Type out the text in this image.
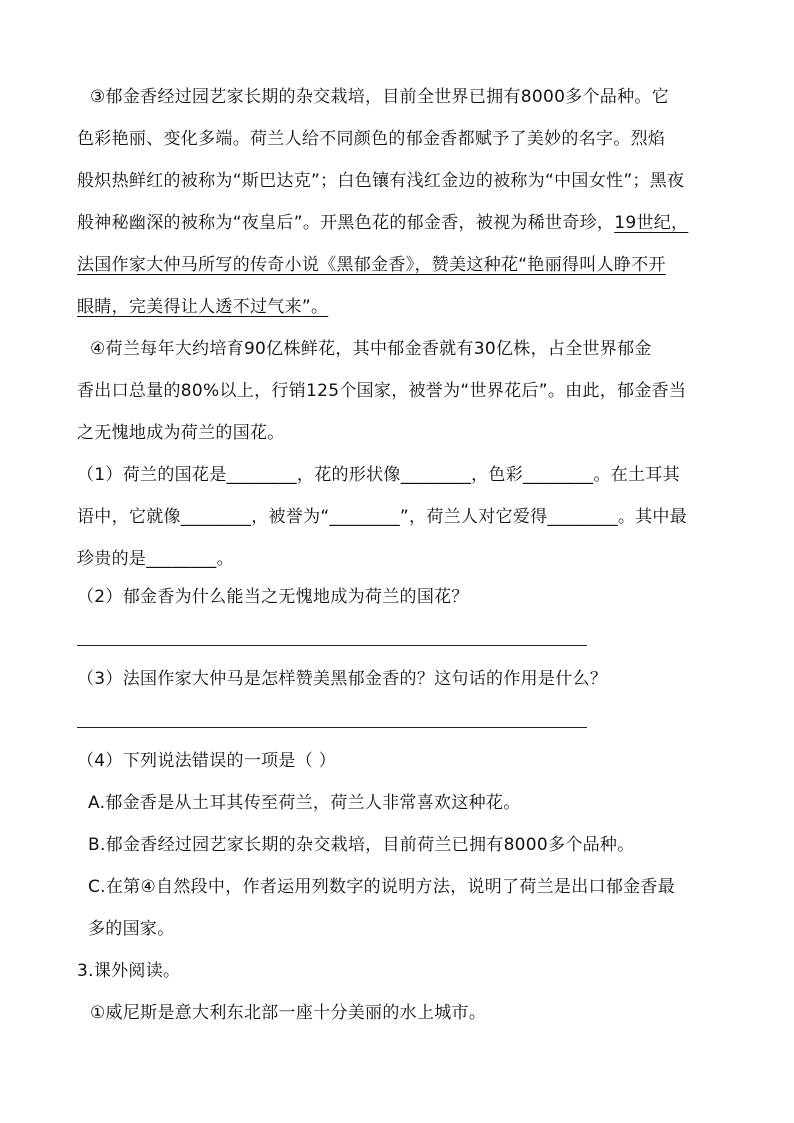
③郁金香经过园艺家长期的杂交栽培，目前全世界已拥有8000多个品种。它
色彩艳丽、变化多端。荷兰人给不同颜色的郁金香都赋予了美妙的名字。烈焰
般炽热鲜红的被称为“斯巴达克”；白色镶有浅红金边的被称为“中国女性”；黑夜
般神秘幽深的被称为“夜皇后”。开黑色花的郁金香，被视为稀世奇珍，19世纪，
法国作家大仲马所写的传奇小说《黑郁金香》，赞美这种花“艳丽得叫人睁不开
眼睛，完美得让人透不过气来”。
④荷兰每年大约培育90亿株鲜花，其中郁金香就有30亿株，占全世界郁金
香出口总量的80%以上，行销125个国家，被誉为“世界花后”。由此，郁金香当
之无愧地成为荷兰的国花。
（1）荷兰的国花是________，花的形状像________，色彩________。在土耳其
语中，它就像________，被誉为“________”，荷兰人对它爱得________。其中最
珍贵的是________。
（2）郁金香为什么能当之无愧地成为荷兰的国花？
（3）法国作家大仲马是怎样赞美黑郁金香的？这句话的作用是什么？
（4）下列说法错误的一项是（ ）
A.郁金香是从土耳其传至荷兰，荷兰人非常喜欢这种花。
B.郁金香经过园艺家长期的杂交栽培，目前荷兰已拥有8000多个品种。
C.在第④自然段中，作者运用列数字的说明方法，说明了荷兰是出口郁金香最
多的国家。
3.课外阅读。
①威尼斯是意大利东北部一座十分美丽的水上城市。
